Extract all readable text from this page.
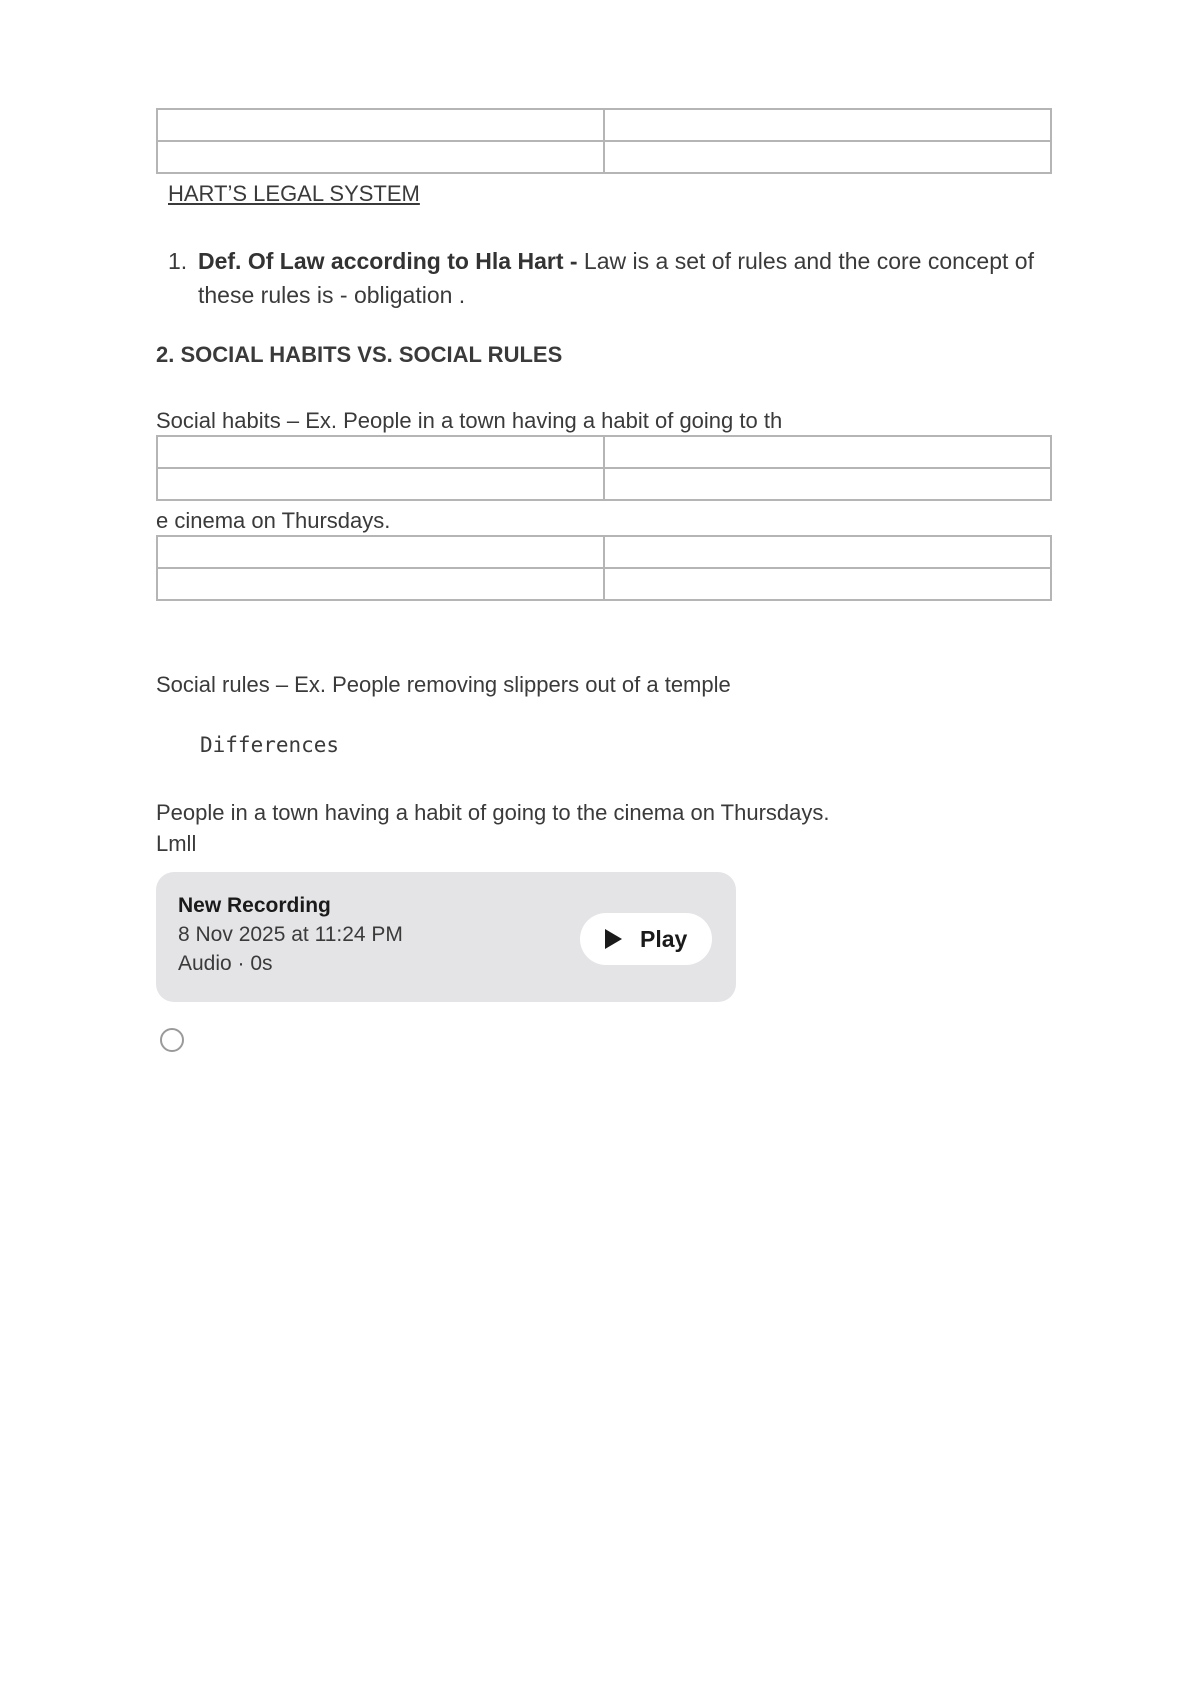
HART’S LEGAL SYSTEM
1. Def. Of Law according to Hla Hart - Law is a set of rules and the core concept of these rules is - obligation .
2. SOCIAL HABITS VS. SOCIAL RULES
Social habits – Ex. People in a town having a habit of going to th

e cinema on Thursdays.

Social rules – Ex. People removing slippers out of a temple
Differences
People in a town having a habit of going to the cinema on Thursdays.
Lmll
New Recording
8 Nov 2025 at 11:24 PM
Audio · 0s
Play
